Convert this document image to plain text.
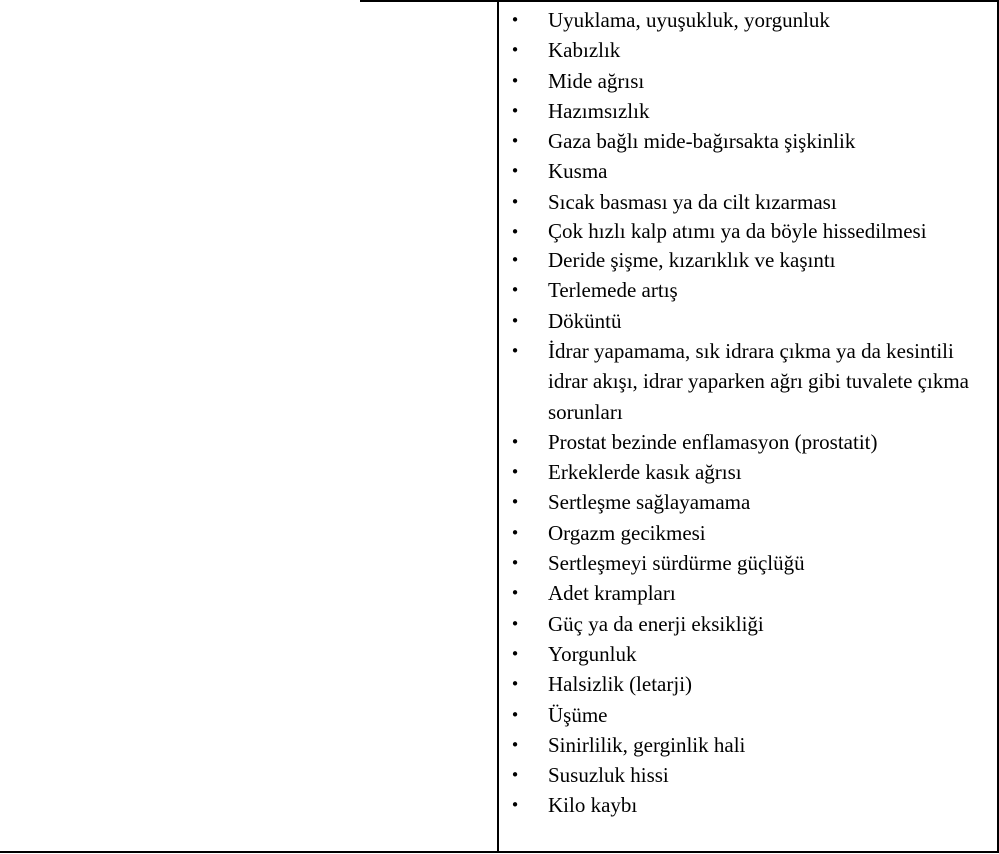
• Uyuklama, uyuşukluk, yorgunluk
• Kabızlık
• Mide ağrısı
• Hazımsızlık
• Gaza bağlı mide-bağırsakta şişkinlik
• Kusma
• Sıcak basması ya da cilt kızarması
• Çok hızlı kalp atımı ya da böyle hissedilmesi
• Deride şişme, kızarıklık ve kaşıntı
• Terlemede artış
• Döküntü
• İdrar yapamama, sık idrara çıkma ya da kesintili idrar akışı, idrar yaparken ağrı gibi tuvalete çıkma sorunları
• Prostat bezinde enflamasyon (prostatit)
• Erkeklerde kasık ağrısı
• Sertleşme sağlayamama
• Orgazm gecikmesi
• Sertleşmeyi sürdürme güçlüğü
• Adet krampları
• Güç ya da enerji eksikliği
• Yorgunluk
• Halsizlik (letarji)
• Üşüme
• Sinirlilik, gerginlik hali
• Susuzluk hissi
• Kilo kaybı
